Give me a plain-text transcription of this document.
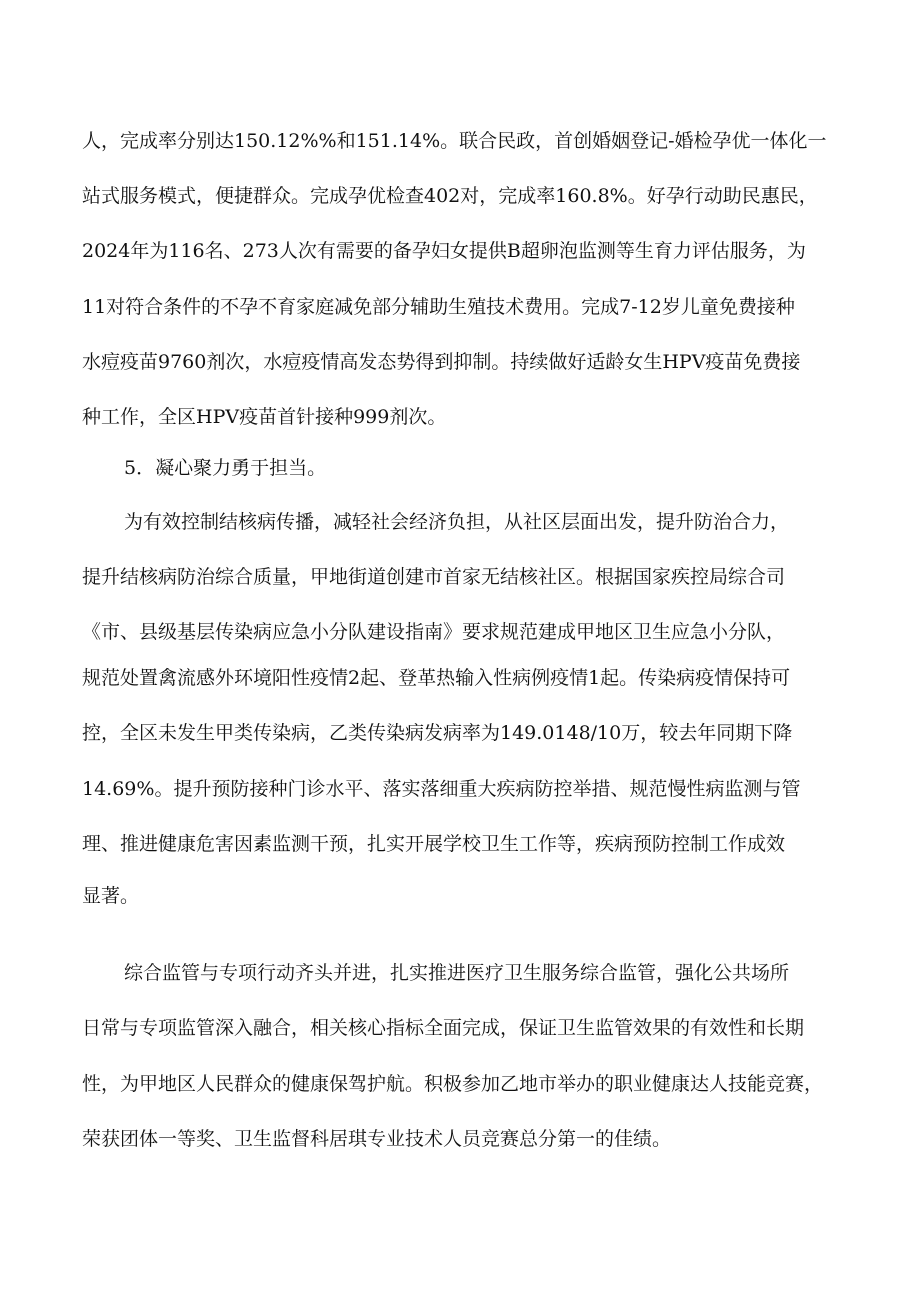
人，完成率分别达150.12%%和151.14%。联合民政，首创婚姻登记-婚检孕优一体化一
站式服务模式，便捷群众。完成孕优检查402对，完成率160.8%。好孕行动助民惠民，
2024年为116名、273人次有需要的备孕妇女提供B超卵泡监测等生育力评估服务，为
11对符合条件的不孕不育家庭减免部分辅助生殖技术费用。完成7-12岁儿童免费接种
水痘疫苗9760剂次，水痘疫情高发态势得到抑制。持续做好适龄女生HPV疫苗免费接
种工作，全区HPV疫苗首针接种999剂次。
5．凝心聚力勇于担当。
为有效控制结核病传播，减轻社会经济负担，从社区层面出发，提升防治合力，
提升结核病防治综合质量，甲地街道创建市首家无结核社区。根据国家疾控局综合司
《市、县级基层传染病应急小分队建设指南》要求规范建成甲地区卫生应急小分队，
规范处置禽流感外环境阳性疫情2起、登革热输入性病例疫情1起。传染病疫情保持可
控，全区未发生甲类传染病，乙类传染病发病率为149.0148/10万，较去年同期下降
14.69%。提升预防接种门诊水平、落实落细重大疾病防控举措、规范慢性病监测与管
理、推进健康危害因素监测干预，扎实开展学校卫生工作等，疾病预防控制工作成效
显著。
综合监管与专项行动齐头并进，扎实推进医疗卫生服务综合监管，强化公共场所
日常与专项监管深入融合，相关核心指标全面完成，保证卫生监管效果的有效性和长期
性，为甲地区人民群众的健康保驾护航。积极参加乙地市举办的职业健康达人技能竞赛，
荣获团体一等奖、卫生监督科居琪专业技术人员竞赛总分第一的佳绩。
